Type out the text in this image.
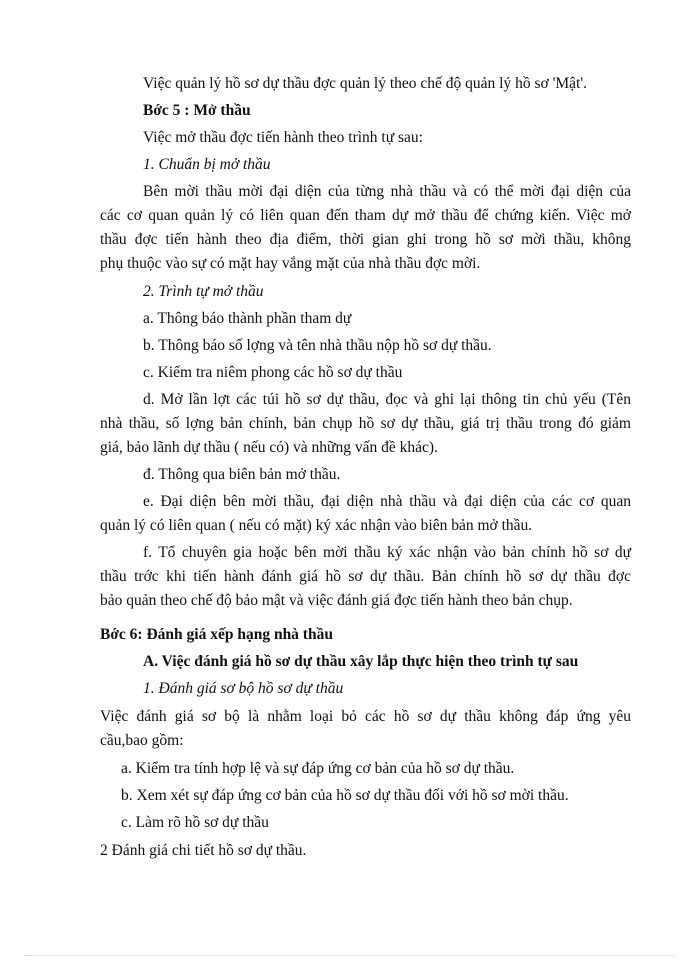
Việc quản lý hồ sơ dự thầu đợc quản lý theo chế độ quản lý hồ sơ 'Mật'.
Bớc 5 : Mở thầu
Việc mở thầu đợc tiến hành theo trình tự sau:
1. Chuẩn bị mở thầu
Bên mời thầu mời đại diện của từng nhà thầu và có thể mời đại diện của
các cơ quan quản lý có liên quan đến tham dự mở thầu để chứng kiến. Việc mở
thầu đợc tiến hành theo địa điểm, thời gian ghi trong hồ sơ mời thầu, không
phụ thuộc vào sự có mặt hay vắng mặt của nhà thầu đợc mời.
2. Trình tự mở thầu
a. Thông báo thành phần tham dự
b. Thông báo số lợng và tên nhà thầu nộp hồ sơ dự thầu.
c. Kiểm tra niêm phong các hồ sơ dự thầu
d. Mở lần lợt các túi hồ sơ dự thầu, đọc và ghi lại thông tin chủ yếu (Tên
nhà thầu, số lợng bản chính, bản chụp hồ sơ dự thầu, giá trị thầu trong đó giảm
giá, bảo lãnh dự thầu ( nếu có) và những vấn đề khác).
đ. Thông qua biên bản mở thầu.
e. Đại diện bên mời thầu, đại diện nhà thầu và đại diện của các cơ quan
quản lý có liên quan ( nếu có mặt) ký xác nhận vào biên bản mở thầu.
f. Tổ chuyên gia hoặc bên mời thầu ký xác nhận vào bản chính hồ sơ dự
thầu trớc khi tiến hành đánh giá hồ sơ dự thầu. Bản chính hồ sơ dự thầu đợc
bảo quản theo chế độ bảo mật và việc đánh giá đợc tiến hành theo bản chụp.
Bớc 6: Đánh giá xếp hạng nhà thầu
A. Việc đánh giá hồ sơ dự thầu xây lắp thực hiện theo trình tự sau
1. Đánh giá sơ bộ hồ sơ dự thầu
Việc đánh giá sơ bộ là nhằm loại bỏ các hồ sơ dự thầu không đáp ứng yêu
cầu,bao gồm:
a. Kiểm tra tính hợp lệ và sự đáp ứng cơ bản của hồ sơ dự thầu.
b. Xem xét sự đáp ứng cơ bản của hồ sơ dự thầu đối với hồ sơ mời thầu.
c. Làm rõ hồ sơ dự thầu
2 Đánh giá chi tiết hồ sơ dự thầu.
